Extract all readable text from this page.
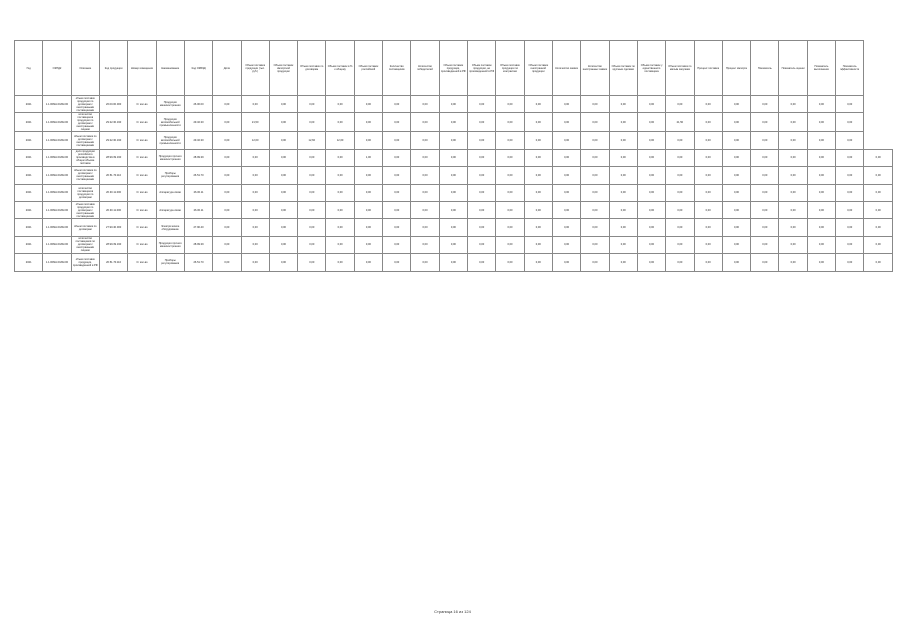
Год	ОКПД2	Описание	Код продукции	Номер извещения	Наименование	Код ОКВЭД	Доля	Объем поставок продукции (тыс. руб.)	Объем поставок импортной продукции	Объем поставок по договорам	Объем поставок в % к общему	Объем поставок российской	Количество поставщиков	Количество победителей	Объем поставок продукции, произведенной в РФ	Объем поставок продукции, не произведенной в РФ	Объем поставок продукции по контрактам	Объем поставок иностранной продукции	Количество заявок	Количество иностранных заявок	Объем поставок по крупным сделкам	Объем поставок у единственного поставщика	Объем поставок по малым закупкам	Процент поставок	Процент импорта	Показатель	Показатель оценки	Показатель выполнения	Показатель эффективности	
2021	1.1.00МА.00АМ.00	объем поставок продукции по договорам с иностранными поставщиками	26.00.00.000	3 / кол-во	Продукция машиностроения	26.00.00	0,00	0,00	0,00	0,00	0,00	0,00	0,00	0,00	0,00	0,00	0,00	0,00	0,00	0,00	0,00	0,00	0,00	0,00	0,00	0,00	0,00	0,00	0,00	
2021	1.1.00МА.00АМ.00	количество поставщиков продукции по договорам с иностранными лицами	29.32.30.190	3 / кол-во	Продукция автомобильной промышленности	29.32.30	0,00	21,50	0,00	0,00	0,00	0,00	0,00	0,00	0,00	0,00	0,00	0,00	0,00	0,00	0,00	0,00	21,50	0,00	0,00	0,00	0,00	0,00	0,00	
2021	1.1.00МА.00АМ.00	объем поставок по договорам с иностранными поставщиками	29.32.30.190	3 / кол-во	Продукция автомобильной промышленности	29.32.30	0,00	12,60	0,00	12,60	12,60	0,00	0,00	0,00	0,00	0,00	0,00	0,00	0,00	0,00	0,00	0,00	0,00	0,00	0,00	0,00	0,00	0,00	0,00	
2021	1.1.00МА.00АМ.00	доля продукции российского производства в общем объеме поставок	28.99.39.190	3 / кол-во	Продукция прочего машиностроения	28.99.39	0,00	0,00	0,00	0,00	0,00	1,00	0,00	0,00	0,00	0,00	0,00	0,00	0,00	0,00	0,00	0,00	0,00	0,00	0,00	0,00	0,00	0,00	0,00	0,00
2021	1.1.00МА.00АМ.00	объем поставок по договорам с иностранными поставщиками	26.51.70.110	3 / кол-во	Приборы регулирования	26.51.70	0,00	0,00	0,00	0,00	0,00	0,00	0,00	0,00	0,00	0,00	0,00	0,00	0,00	0,00	0,00	0,00	0,00	0,00	0,00	0,00	0,00	0,00	0,00	0,00
2021	1.1.00МА.00АМ.00	количество поставщиков продукции по договорам	26.30.11.000	3 / кол-во	Аппаратура связи	26.30.11	0,00	0,00	0,00	0,00	0,00	0,00	0,00	0,00	0,00	0,00	0,00	0,00	0,00	0,00	0,00	0,00	0,00	0,00	0,00	0,00	0,00	0,00	0,00	0,00
2021	1.1.00МА.00АМ.00	объем поставок продукции по договорам с иностранными поставщиками	26.30.11.000	3 / кол-во	Аппаратура связи	26.30.11	0,00	0,00	0,00	0,00	0,00	0,00	0,00	0,00	0,00	0,00	0,00	0,00	0,00	0,00	0,00	0,00	0,00	0,00	0,00	0,00	0,00	0,00	0,00	0,00
2021	1.1.00МА.00АМ.00	объем поставок по договорам	27.90.40.000	3 / кол-во	Электрическое оборудование	27.90.40	0,00	0,00	0,00	0,00	0,00	0,00	0,00	0,00	0,00	0,00	0,00	0,00	0,00	0,00	0,00	0,00	0,00	0,00	0,00	0,00	0,00	0,00	0,00	0,00
2021	1.1.00МА.00АМ.00	количество поставщиков по договорам с иностранными лицами	28.99.39.190	3 / кол-во	Продукция прочего машиностроения	28.99.39	0,00	0,00	0,00	0,00	0,00	0,00	0,00	0,00	0,00	0,00	0,00	0,00	0,00	0,00	0,00	0,00	0,00	0,00	0,00	0,00	0,00	0,00	0,00	0,00
2021	1.1.00МА.00АМ.00	объем поставок продукции, произведенной в РФ	26.51.70.110	3 / кол-во	Приборы регулирования	26.51.70	0,00	0,00	0,00	0,00	0,00	0,00	0,00	0,00	0,00	0,00	0,00	0,00	0,00	0,00	0,00	0,00	0,00	0,00	0,00	0,00	0,00	0,00	0,00	0,00
Страница 16 из 124
